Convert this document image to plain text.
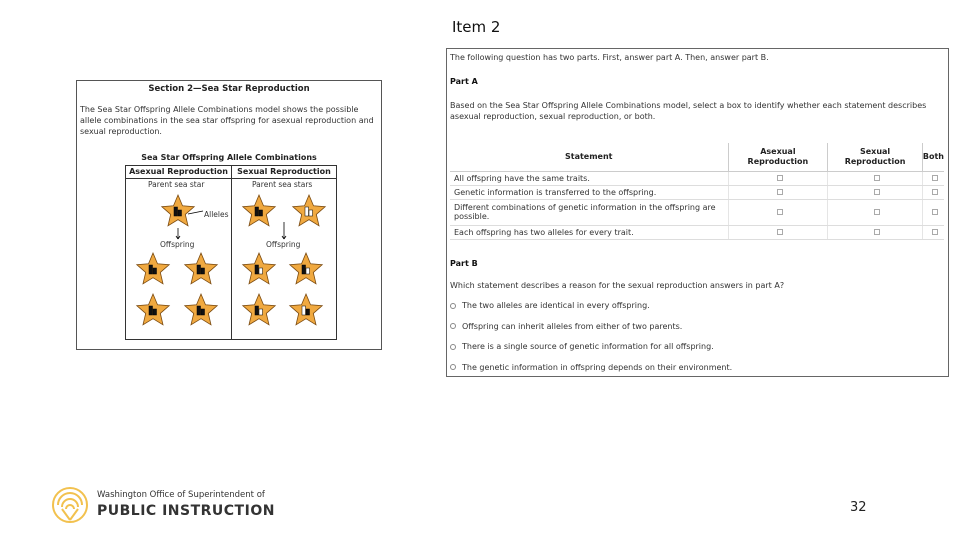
Item 2
Section 2—Sea Star Reproduction
The Sea Star Offspring Allele Combinations model shows the possible allele combinations in the sea star offspring for asexual reproduction and sexual reproduction.
Sea Star Offspring Allele Combinations
Asexual Reproduction	Sexual Reproduction
Parent sea star	Parent sea stars
Alleles
Offspring	Offspring
The following question has two parts. First, answer part A. Then, answer part B.
Part A
Based on the Sea Star Offspring Allele Combinations model, select a box to identify whether each statement describes asexual reproduction, sexual reproduction, or both.
Statement	Asexual Reproduction	Sexual Reproduction	Both
All offspring have the same traits.			
Genetic information is transferred to the offspring.			
Different combinations of genetic information in the offspring are possible.			
Each offspring has two alleles for every trait.			
Part B
Which statement describes a reason for the sexual reproduction answers in part A?
The two alleles are identical in every offspring.
Offspring can inherit alleles from either of two parents.
There is a single source of genetic information for all offspring.
The genetic information in offspring depends on their environment.
Washington Office of Superintendent of
PUBLIC INSTRUCTION	32
